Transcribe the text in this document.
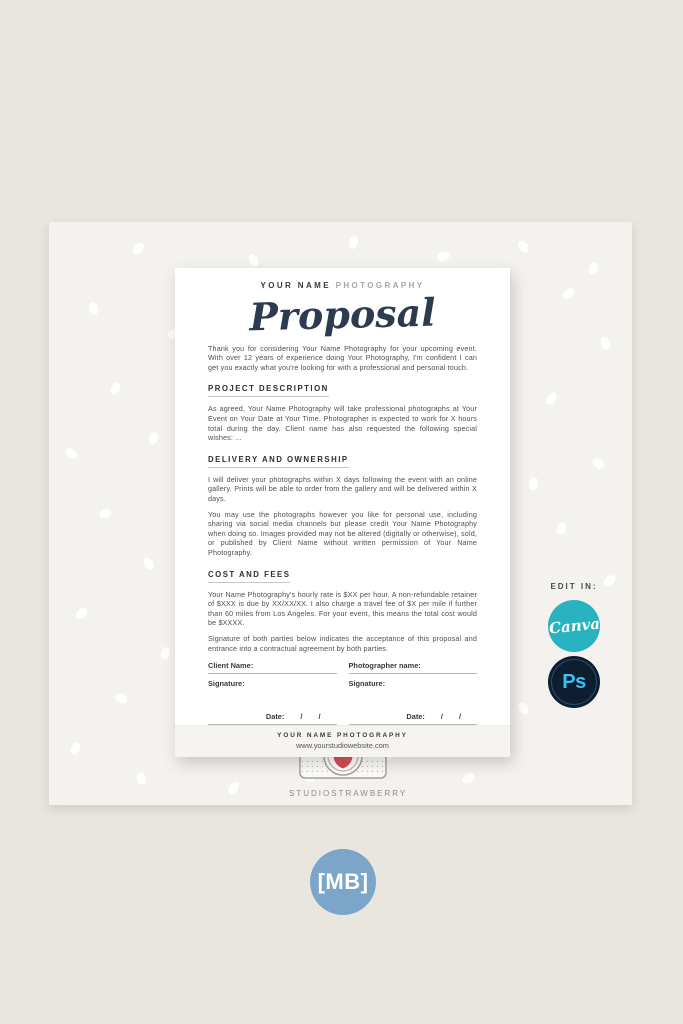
EDIT IN:
Canva
Ps
STUDIOSTRAWBERRY
YOUR NAME PHOTOGRAPHY
Proposal

Thank you for considering Your Name Photography for your upcoming event. With over 12 years of experience doing Your Photography, I'm confident I can get you exactly what you're looking for with a professional and personal touch.

PROJECT DESCRIPTION

As agreed, Your Name Photography will take professional photographs at Your Event on Your Date at Your Time. Photographer is expected to work for X hours total during the day. Client name has also requested the following special wishes: ...

DELIVERY AND OWNERSHIP

I will deliver your photographs within X days following the event with an online gallery. Prints will be able to order from the gallery and will be delivered within X days.

You may use the photographs however you like for personal use, including sharing via social media channels but please credit Your Name Photography when doing so. Images provided may not be altered (digitally or otherwise), sold, or published by Client Name without written permission of Your Name Photography.

COST AND FEES

Your Name Photography's hourly rate is $XX per hour. A non-refundable retainer of $XXX is due by XX/XX/XX. I also charge a travel fee of $X per mile if further than 60 miles from Los Angeles. For your event, this means the total cost would be $XXXX.

Signature of both parties below indicates the acceptance of this proposal and entrance into a contractual agreement by both parties.

Client Name:
Signature:
Date: / /
Photographer name:
Signature:
Date: / /
YOUR NAME PHOTOGRAPHY
www.yourstudiowebsite.com
[MB]
